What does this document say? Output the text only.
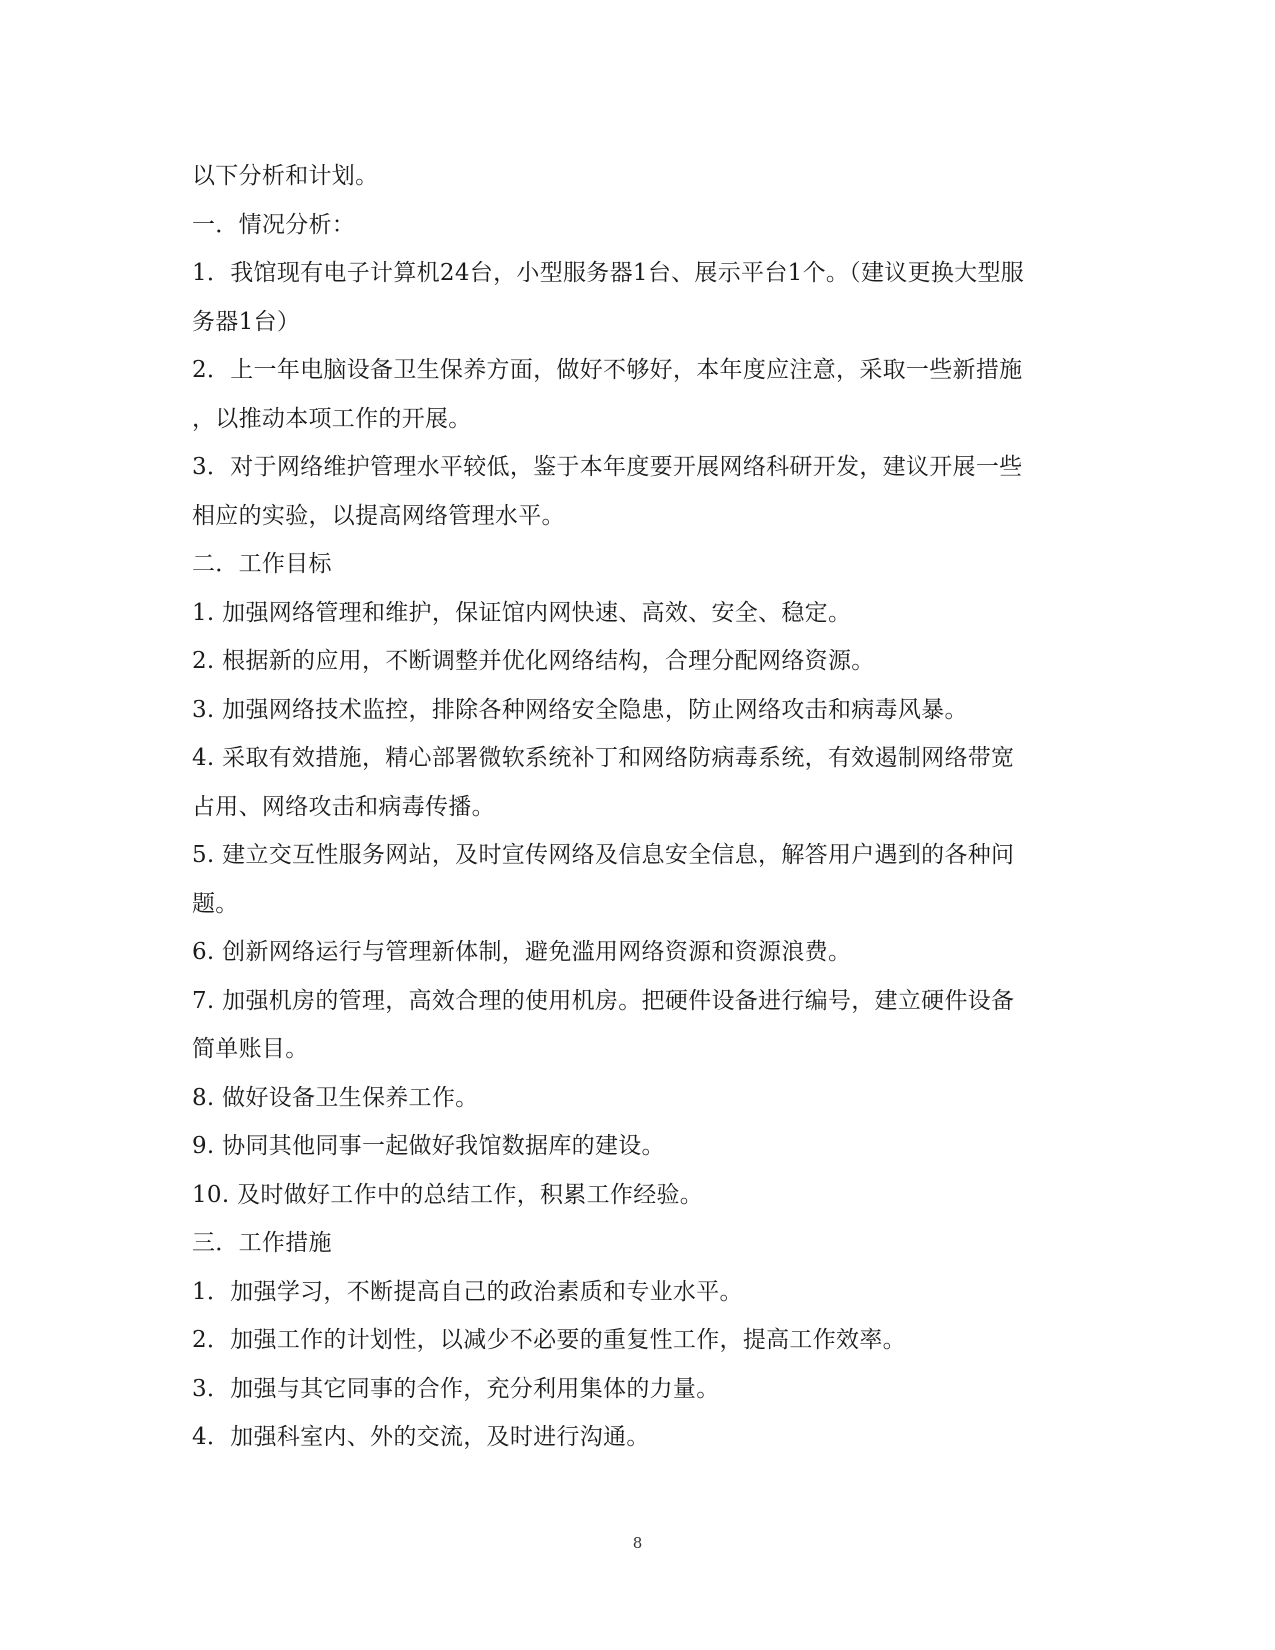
以下分析和计划。
一．情况分析：
1．我馆现有电子计算机24台，小型服务器1台、展示平台1个。（建议更换大型服
务器1台）
2．上一年电脑设备卫生保养方面，做好不够好，本年度应注意，采取一些新措施
，以推动本项工作的开展。
3．对于网络维护管理水平较低，鉴于本年度要开展网络科研开发，建议开展一些
相应的实验，以提高网络管理水平。
二．工作目标
1. 加强网络管理和维护，保证馆内网快速、高效、安全、稳定。
2. 根据新的应用，不断调整并优化网络结构，合理分配网络资源。
3. 加强网络技术监控，排除各种网络安全隐患，防止网络攻击和病毒风暴。
4. 采取有效措施，精心部署微软系统补丁和网络防病毒系统，有效遏制网络带宽
占用、网络攻击和病毒传播。
5. 建立交互性服务网站，及时宣传网络及信息安全信息，解答用户遇到的各种问
题。
6. 创新网络运行与管理新体制，避免滥用网络资源和资源浪费。
7. 加强机房的管理，高效合理的使用机房。把硬件设备进行编号，建立硬件设备
简单账目。
8. 做好设备卫生保养工作。
9. 协同其他同事一起做好我馆数据库的建设。
10. 及时做好工作中的总结工作，积累工作经验。
三．工作措施
1．加强学习，不断提高自己的政治素质和专业水平。
2．加强工作的计划性，以减少不必要的重复性工作，提高工作效率。
3．加强与其它同事的合作，充分利用集体的力量。
4．加强科室内、外的交流，及时进行沟通。
8
